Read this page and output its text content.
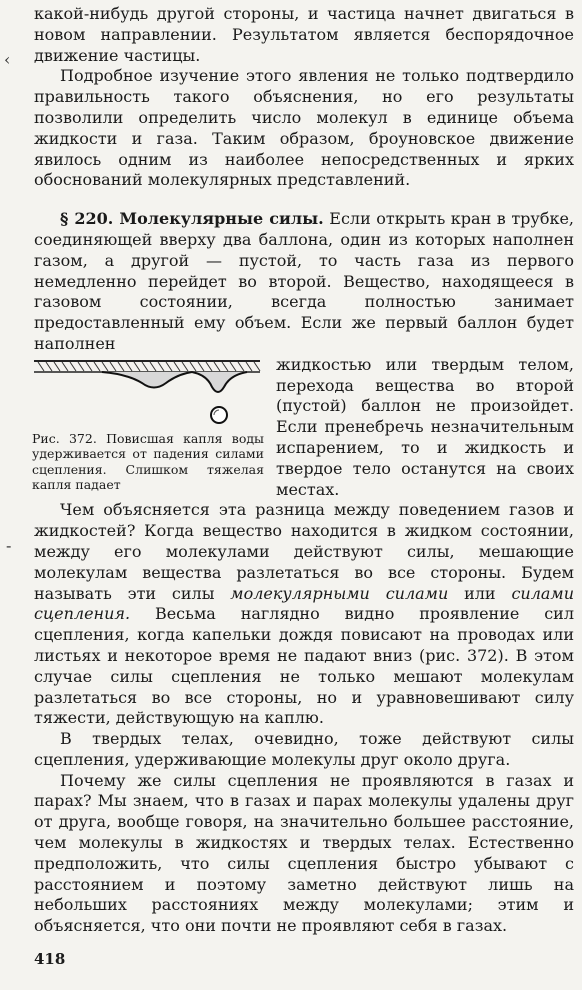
‹
-

какой-нибудь другой стороны, и частица начнет двигаться в новом направлении. Результатом является беспорядочное движение частицы.

Подробное изучение этого явления не только подтвердило правильность такого объяснения, но его результаты позволили определить число молекул в единице объема жидкости и газа. Таким образом, броуновское движение явилось одним из наиболее непосредственных и ярких обоснований молекулярных представлений.

§ 220. Молекулярные силы. Если открыть кран в трубке, соединяющей вверху два баллона, один из которых наполнен газом, а другой — пустой, то часть газа из первого немедленно перейдет во второй. Вещество, находящееся в газовом состоянии, всегда полностью занимает предоставленный ему объем. Если же первый баллон будет наполнен

Рис. 372. Повисшая капля воды удерживается от падения силами сцепления. Слишком тяжелая капля падает

жидкостью или твердым телом, перехода вещества во второй (пустой) баллон не произойдет. Если пренебречь незначительным испарением, то и жидкость и твердое тело останутся на своих местах.

Чем объясняется эта разница между поведением газов и жидкостей? Когда вещество находится в жидком состоянии, между его молекулами действуют силы, мешающие молекулам вещества разлетаться во все стороны. Будем называть эти силы молекулярными силами или силами сцепления. Весьма наглядно видно проявление сил сцепления, когда капельки дождя повисают на проводах или листьях и некоторое время не падают вниз (рис. 372). В этом случае силы сцепления не только мешают молекулам разлетаться во все стороны, но и уравновешивают силу тяжести, действующую на каплю.

В твердых телах, очевидно, тоже действуют силы сцепления, удерживающие молекулы друг около друга.

Почему же силы сцепления не проявляются в газах и парах? Мы знаем, что в газах и парах молекулы удалены друг от друга, вообще говоря, на значительно большее расстояние, чем молекулы в жидкостях и твердых телах. Естественно предположить, что силы сцепления быстро убывают с расстоянием и поэтому заметно действуют лишь на небольших расстояниях между молекулами; этим и объясняется, что они почти не проявляют себя в газах.

418
